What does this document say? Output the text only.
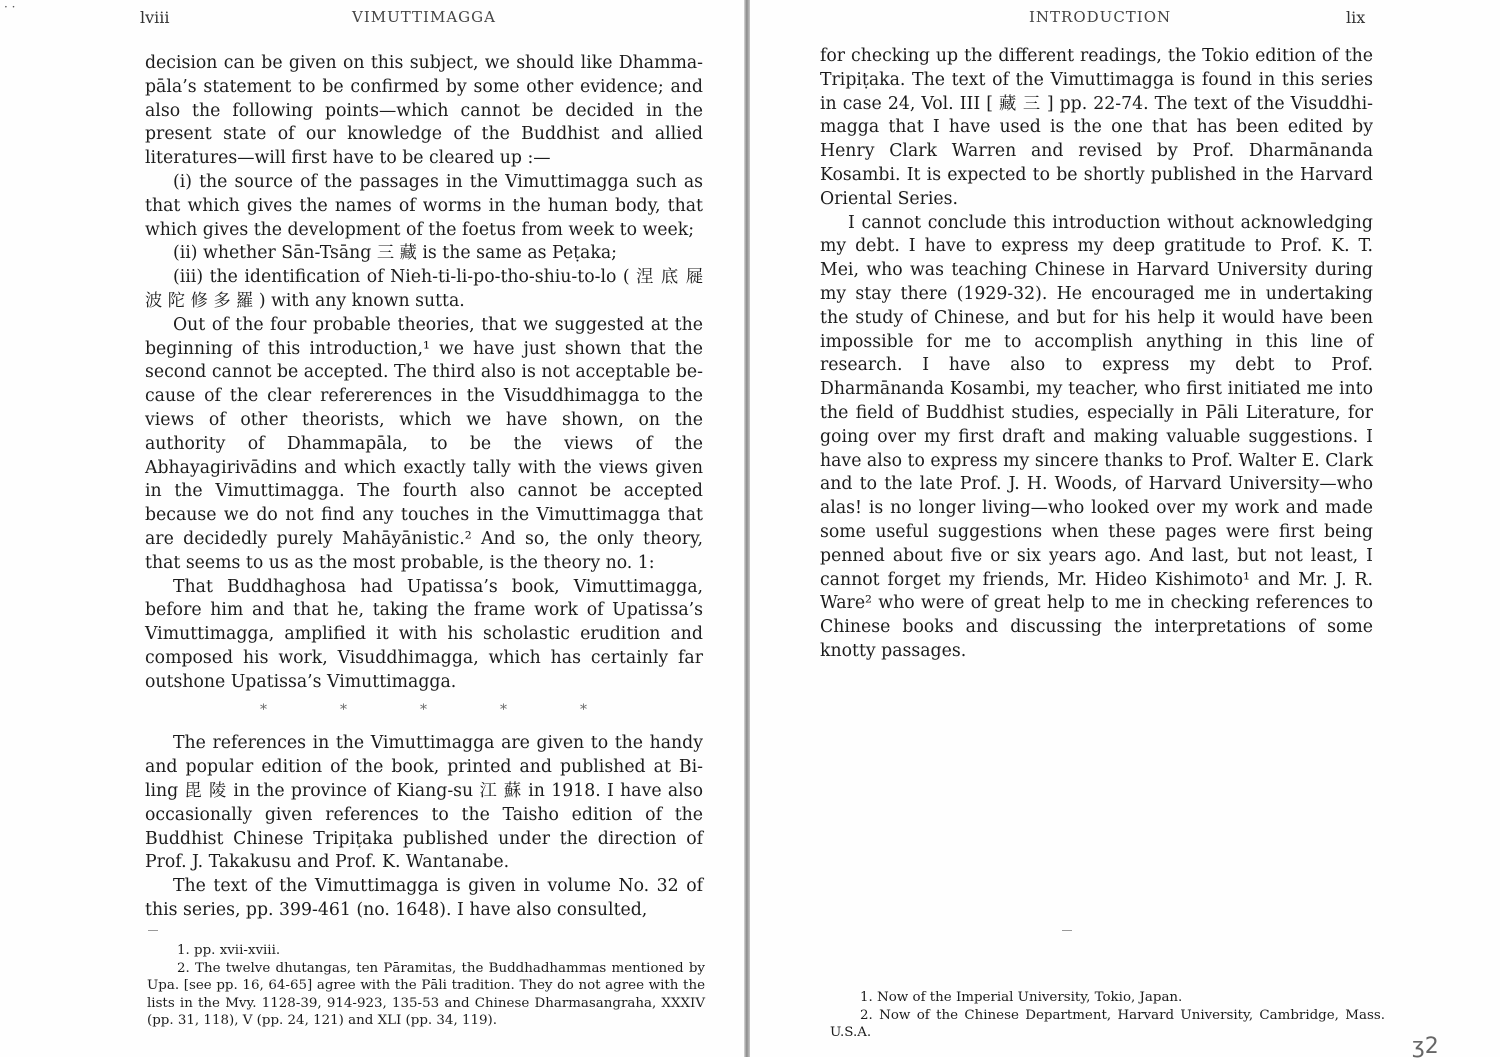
· ·
lviii	VIMUTTIMAGGA

decision can be given on this subject, we should like Dhammapāla’s statement to be confirmed by some other evidence; and also the following points—which cannot be decided in the present state of our knowledge of the Buddhist and allied literatures—will first have to be cleared up :—

(i) the source of the passages in the Vimuttimagga such as that which gives the names of worms in the human body, that which gives the development of the foetus from week to week;

(ii) whether Sān-Tsāng 三 藏 is the same as Peṭaka;

(iii) the identification of Nieh-ti-li-po-tho-shiu-to-lo ( 涅 底 屣 波 陀 修 多 羅 ) with any known sutta.

Out of the four probable theories, that we suggested at the beginning of this introduction,¹ we have just shown that the second cannot be accepted. The third also is not acceptable because of the clear refererences in the Visuddhimagga to the views of other theorists, which we have shown, on the authority of Dhammapāla, to be the views of the Abhayagirivādins and which exactly tally with the views given in the Vimuttimagga. The fourth also cannot be accepted because we do not find any touches in the Vimuttimagga that are decidedly purely Mahāyānistic.² And so, the only theory, that seems to us as the most probable, is the theory no. 1:

That Buddhaghosa had Upatissa’s book, Vimuttimagga, before him and that he, taking the frame work of Upatissa’s Vimuttimagga, amplified it with his scholastic erudition and composed his work, Visuddhimagga, which has certainly far outshone Upatissa’s Vimuttimagga.

*	*	*	*	*

The references in the Vimuttimagga are given to the handy and popular edition of the book, printed and published at Bi-ling 毘 陵 in the province of Kiang-su 江 蘇 in 1918. I have also occasionally given references to the Taisho edition of the Buddhist Chinese Tripiṭaka published under the direction of Prof. J. Takakusu and Prof. K. Wantanabe.

The text of the Vimuttimagga is given in volume No. 32 of this series, pp. 399-461 (no. 1648). I have also consulted,

1. pp. xvii-xviii.

2. The twelve dhutangas, ten Pāramitas, the Buddhadhammas mentioned by Upa. [see pp. 16, 64-65] agree with the Pāli tradition. They do not agree with the lists in the Mvy. 1128-39, 914-923, 135-53 and Chinese Dharmasangraha, XXXIV (pp. 31, 118), V (pp. 24, 121) and XLI (pp. 34, 119).

INTRODUCTION	lix

for checking up the different readings, the Tokio edition of the Tripiṭaka. The text of the Vimuttimagga is found in this series in case 24, Vol. III [ 藏 三 ] pp. 22-74. The text of the Visuddhimagga that I have used is the one that has been edited by Henry Clark Warren and revised by Prof. Dharmānanda Kosambi. It is expected to be shortly published in the Harvard Oriental Series.

I cannot conclude this introduction without acknowledging my debt. I have to express my deep gratitude to Prof. K. T. Mei, who was teaching Chinese in Harvard University during my stay there (1929-32). He encouraged me in undertaking the study of Chinese, and but for his help it would have been impossible for me to accomplish anything in this line of research. I have also to express my debt to Prof. Dharmānanda Kosambi, my teacher, who first initiated me into the field of Buddhist studies, especially in Pāli Literature, for going over my first draft and making valuable suggestions. I have also to express my sincere thanks to Prof. Walter E. Clark and to the late Prof. J. H. Woods, of Harvard University—who alas! is no longer living—who looked over my work and made some useful suggestions when these pages were first being penned about five or six years ago. And last, but not least, I cannot forget my friends, Mr. Hideo Kishimoto¹ and Mr. J. R. Ware² who were of great help to me in checking references to Chinese books and discussing the interpretations of some knotty passages.

1. Now of the Imperial University, Tokio, Japan.

2. Now of the Chinese Department, Harvard University, Cambridge, Mass. U.S.A.

ʒ2
